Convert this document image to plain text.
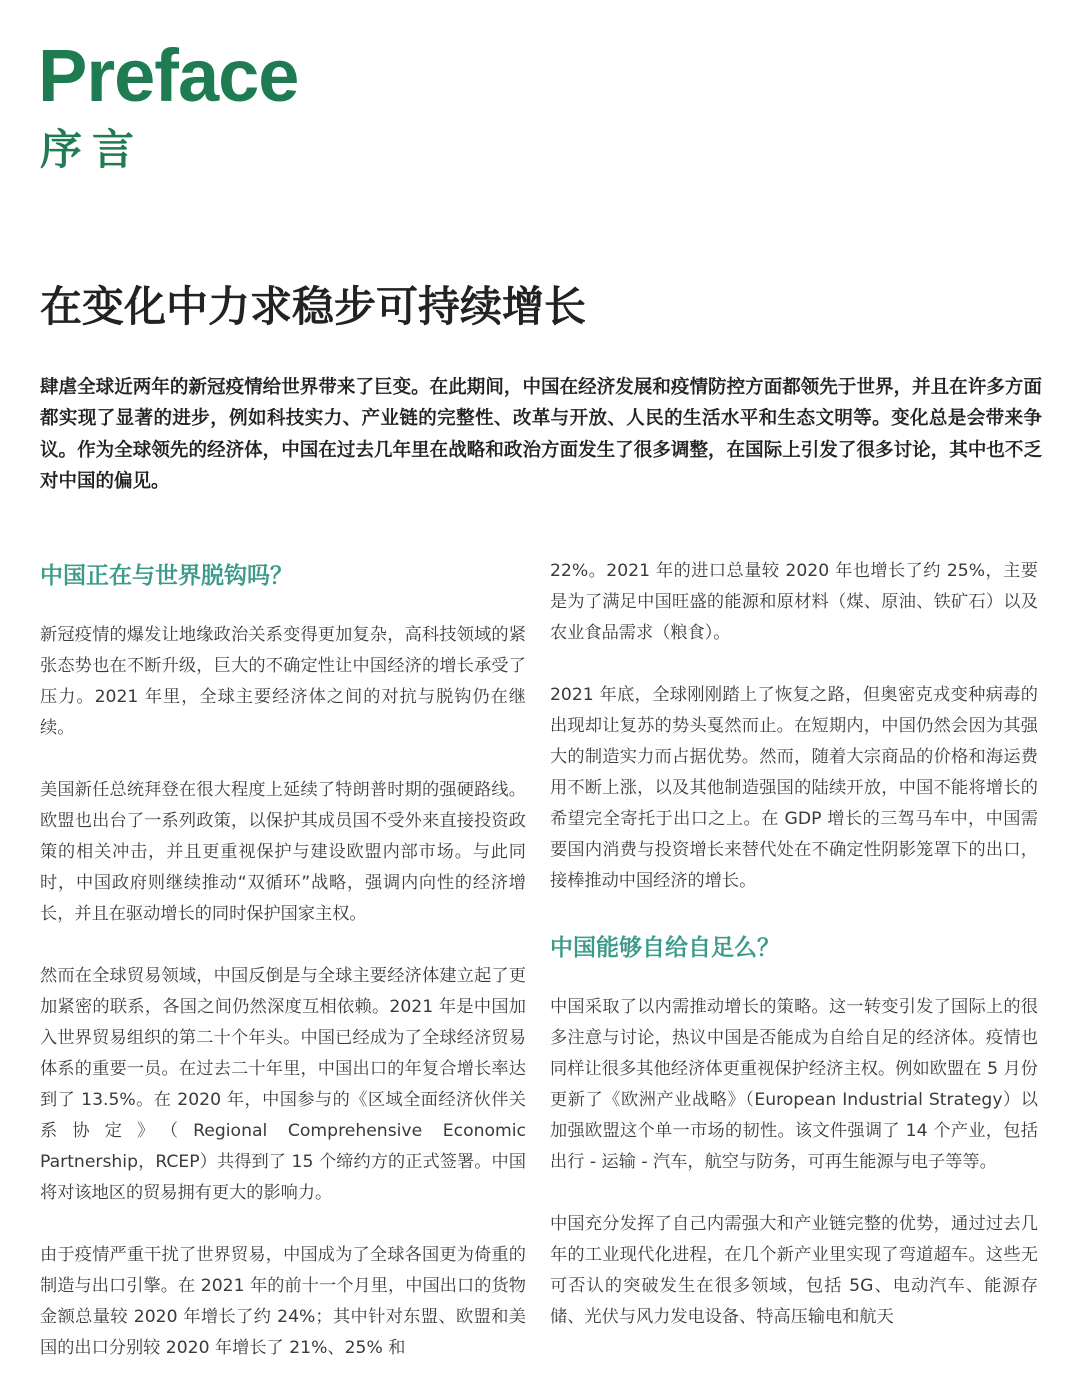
Preface
序言
在变化中力求稳步可持续增长

肆虐全球近两年的新冠疫情给世界带来了巨变。在此期间，中国在经济发展和疫情防控方面都领先于世界，并且在许多方面都实现了显著的进步，例如科技实力、产业链的完整性、改革与开放、人民的生活水平和生态文明等。变化总是会带来争议。作为全球领先的经济体，中国在过去几年里在战略和政治方面发生了很多调整，在国际上引发了很多讨论，其中也不乏对中国的偏见。

中国正在与世界脱钩吗？

新冠疫情的爆发让地缘政治关系变得更加复杂，高科技领域的紧张态势也在不断升级，巨大的不确定性让中国经济的增长承受了压力。2021 年里，全球主要经济体之间的对抗与脱钩仍在继续。

美国新任总统拜登在很大程度上延续了特朗普时期的强硬路线。欧盟也出台了一系列政策，以保护其成员国不受外来直接投资政策的相关冲击，并且更重视保护与建设欧盟内部市场。与此同时，中国政府则继续推动“双循环”战略，强调内向性的经济增长，并且在驱动增长的同时保护国家主权。

然而在全球贸易领域，中国反倒是与全球主要经济体建立起了更加紧密的联系，各国之间仍然深度互相依赖。2021 年是中国加入世界贸易组织的第二十个年头。中国已经成为了全球经济贸易体系的重要一员。在过去二十年里，中国出口的年复合增长率达到了 13.5%。在 2020 年，中国参与的《区域全面经济伙伴关系协定》（Regional Comprehensive Economic Partnership，RCEP）共得到了 15 个缔约方的正式签署。中国将对该地区的贸易拥有更大的影响力。

由于疫情严重干扰了世界贸易，中国成为了全球各国更为倚重的制造与出口引擎。在 2021 年的前十一个月里，中国出口的货物金额总量较 2020 年增长了约 24%；其中针对东盟、欧盟和美国的出口分别较 2020 年增长了 21%、25% 和

22%。2021 年的进口总量较 2020 年也增长了约 25%，主要是为了满足中国旺盛的能源和原材料（煤、原油、铁矿石）以及农业食品需求（粮食）。

2021 年底，全球刚刚踏上了恢复之路，但奥密克戎变种病毒的出现却让复苏的势头戛然而止。在短期内，中国仍然会因为其强大的制造实力而占据优势。然而，随着大宗商品的价格和海运费用不断上涨，以及其他制造强国的陆续开放，中国不能将增长的希望完全寄托于出口之上。在 GDP 增长的三驾马车中，中国需要国内消费与投资增长来替代处在不确定性阴影笼罩下的出口，接棒推动中国经济的增长。

中国能够自给自足么？

中国采取了以内需推动增长的策略。这一转变引发了国际上的很多注意与讨论，热议中国是否能成为自给自足的经济体。疫情也同样让很多其他经济体更重视保护经济主权。例如欧盟在 5 月份更新了《欧洲产业战略》（European Industrial Strategy）以加强欧盟这个单一市场的韧性。该文件强调了 14 个产业，包括出行 - 运输 - 汽车，航空与防务，可再生能源与电子等等。

中国充分发挥了自己内需强大和产业链完整的优势，通过过去几年的工业现代化进程，在几个新产业里实现了弯道超车。这些无可否认的突破发生在很多领域，包括 5G、电动汽车、能源存储、光伏与风力发电设备、特高压输电和航天
